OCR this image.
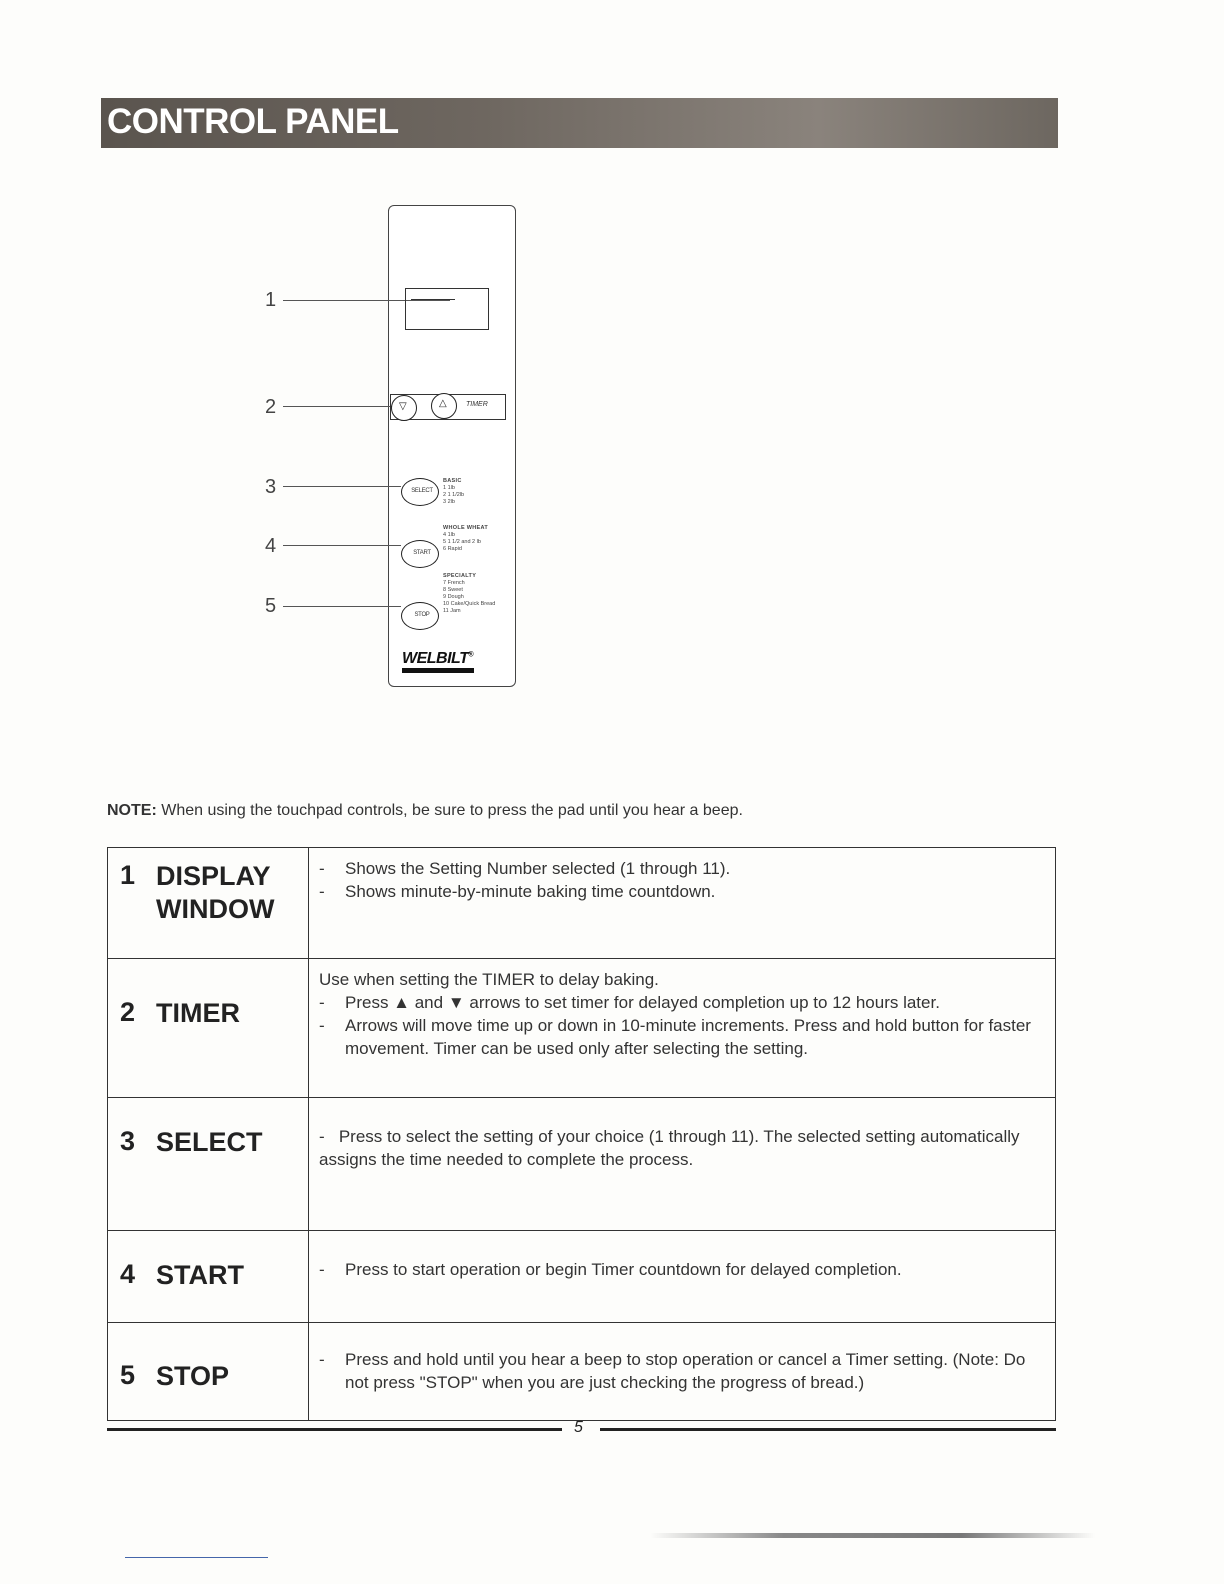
CONTROL PANEL
1
2	▽	△	TIMER
3	SELECT
BASIC
1 1lb
2 1 1/2lb
3 2lb
4	START
WHOLE WHEAT
4 1lb
5 1 1/2 and 2 lb
6 Rapid
5	STOP
SPECIALTY
7 French
8 Sweet
9 Dough
10 Cake/Quick Bread
11 Jam
WELBILT®
NOTE: When using the touchpad controls, be sure to press the pad until you hear a beep.
1 DISPLAY WINDOW	- Shows the Setting Number selected (1 through 11).
- Shows minute-by-minute baking time countdown.

2 TIMER	Use when setting the TIMER to delay baking.
- Press ▲ and ▼ arrows to set timer for delayed completion up to 12 hours later.
- Arrows will move time up or down in 10-minute increments. Press and hold button for faster movement. Timer can be used only after selecting the setting.

3 SELECT	-   Press to select the setting of your choice (1 through 11). The selected setting automatically assigns the time needed to complete the process.

4 START	- Press to start operation or begin Timer countdown for delayed completion.

5 STOP	- Press and hold until you hear a beep to stop operation or cancel a Timer setting. (Note: Do not press "STOP" when you are just checking the progress of bread.)
5
